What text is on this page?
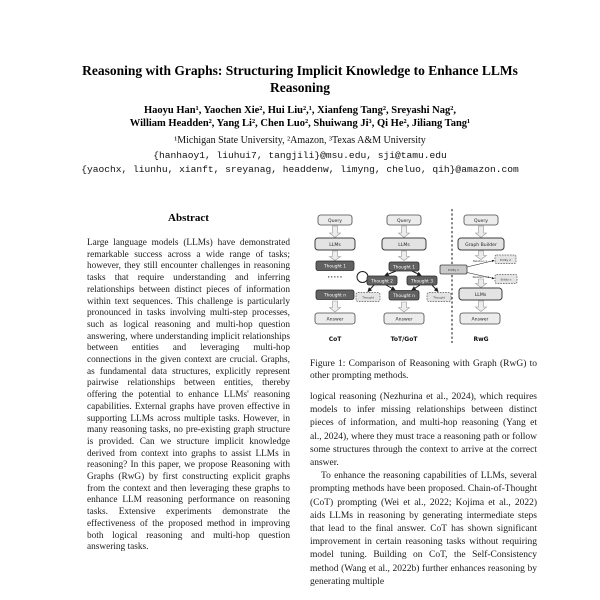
Reasoning with Graphs: Structuring Implicit Knowledge to Enhance LLMs Reasoning
Haoyu Han¹, Yaochen Xie², Hui Liu²,¹, Xianfeng Tang², Sreyashi Nag²,
William Headden², Yang Li², Chen Luo², Shuiwang Ji³, Qi He², Jiliang Tang¹
¹Michigan State University, ²Amazon, ³Texas A&M University
{hanhaoy1, liuhui7, tangjili}@msu.edu, sji@tamu.edu
{yaochx, liunhu, xianft, sreyanag, headdenw, limyng, cheluo, qih}@amazon.com
Abstract

Large language models (LLMs) have demonstrated remarkable success across a wide range of tasks; however, they still encounter challenges in reasoning tasks that require understanding and inferring relationships between distinct pieces of information within text sequences. This challenge is particularly pronounced in tasks involving multi-step processes, such as logical reasoning and multi-hop question answering, where understanding implicit relationships between entities and leveraging multi-hop connections in the given context are crucial. Graphs, as fundamental data structures, explicitly represent pairwise relationships between entities, thereby offering the potential to enhance LLMs' reasoning capabilities. External graphs have proven effective in supporting LLMs across multiple tasks. However, in many reasoning tasks, no pre-existing graph structure is provided. Can we structure implicit knowledge derived from context into graphs to assist LLMs in reasoning? In this paper, we propose Reasoning with Graphs (RwG) by first constructing explicit graphs from the context and then leveraging these graphs to enhance LLM reasoning performance on reasoning tasks. Extensive experiments demonstrate the effectiveness of the proposed method in improving both logical reasoning and multi-hop question answering tasks.

Query
LLMs
Thought 1
•••••
Thought n
Answer
CoT
Query
LLMs
Thought 1
Thought 2	Thought 3
Thought n
Thought	Thought
Answer
ToT/GoT
Query
Graph Builder
Relation 1
Relation n-2
Entity 2
Entity 1
Entity n
LLMs
Answer
RwG

Figure 1: Comparison of Reasoning with Graph (RwG) to other prompting methods.

logical reasoning (Nezhurina et al., 2024), which requires models to infer missing relationships between distinct pieces of information, and multi-hop reasoning (Yang et al., 2024), where they must trace a reasoning path or follow some structures through the context to arrive at the correct answer.

To enhance the reasoning capabilities of LLMs, several prompting methods have been proposed. Chain-of-Thought (CoT) prompting (Wei et al., 2022; Kojima et al., 2022) aids LLMs in reasoning by generating intermediate steps that lead to the final answer. CoT has shown significant improvement in certain reasoning tasks without requiring model tuning. Building on CoT, the Self-Consistency method (Wang et al., 2022b) further enhances reasoning by generating multiple
